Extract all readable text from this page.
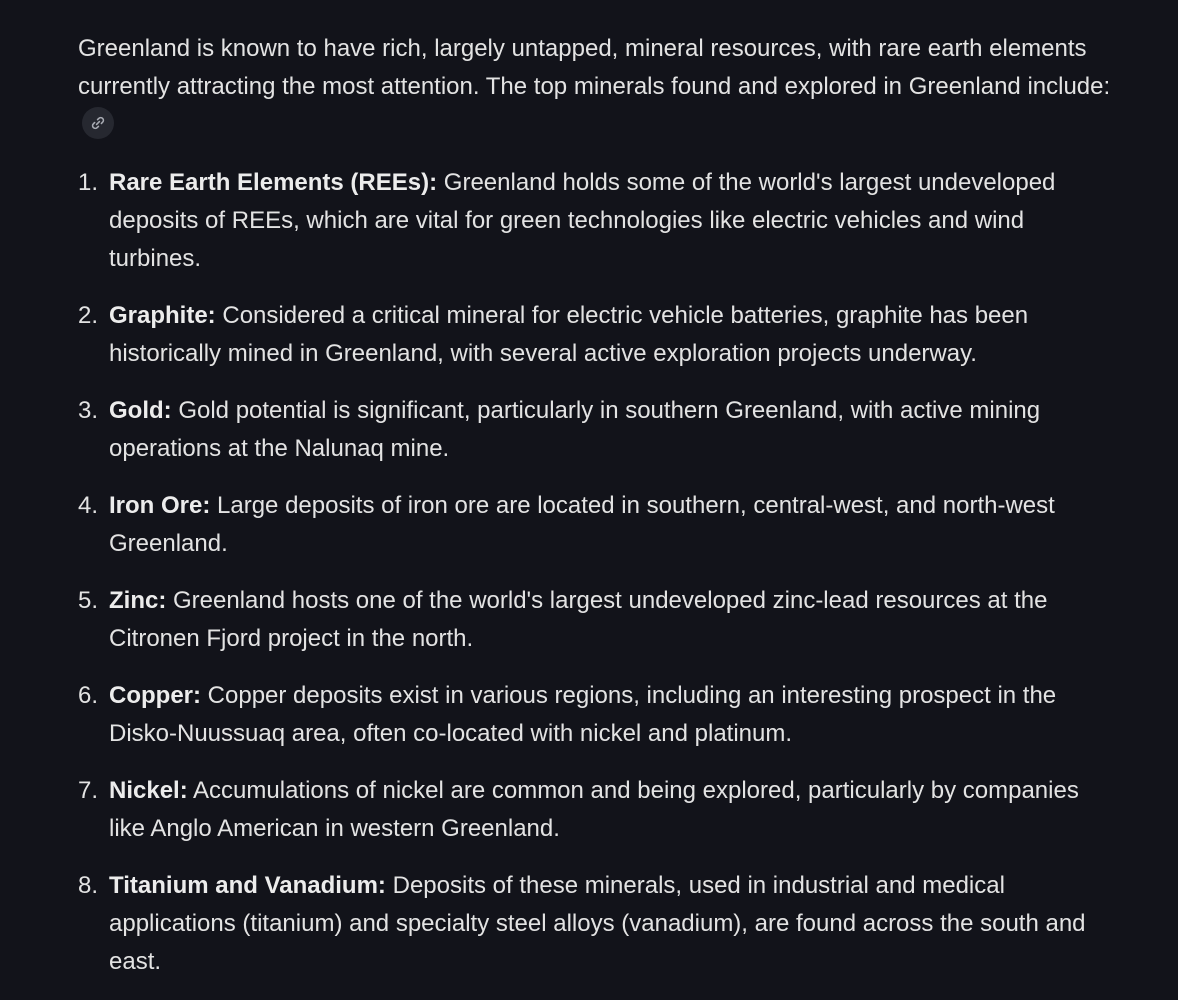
Greenland is known to have rich, largely untapped, mineral resources, with rare earth elements currently attracting the most attention. The top minerals found and explored in Greenland include:

1. Rare Earth Elements (REEs): Greenland holds some of the world's largest undeveloped deposits of REEs, which are vital for green technologies like electric vehicles and wind turbines.
2. Graphite: Considered a critical mineral for electric vehicle batteries, graphite has been historically mined in Greenland, with several active exploration projects underway.
3. Gold: Gold potential is significant, particularly in southern Greenland, with active mining operations at the Nalunaq mine.
4. Iron Ore: Large deposits of iron ore are located in southern, central-west, and north-west Greenland.
5. Zinc: Greenland hosts one of the world's largest undeveloped zinc-lead resources at the Citronen Fjord project in the north.
6. Copper: Copper deposits exist in various regions, including an interesting prospect in the Disko-Nuussuaq area, often co-located with nickel and platinum.
7. Nickel: Accumulations of nickel are common and being explored, particularly by companies like Anglo American in western Greenland.
8. Titanium and Vanadium: Deposits of these minerals, used in industrial and medical applications (titanium) and specialty steel alloys (vanadium), are found across the south and east.
